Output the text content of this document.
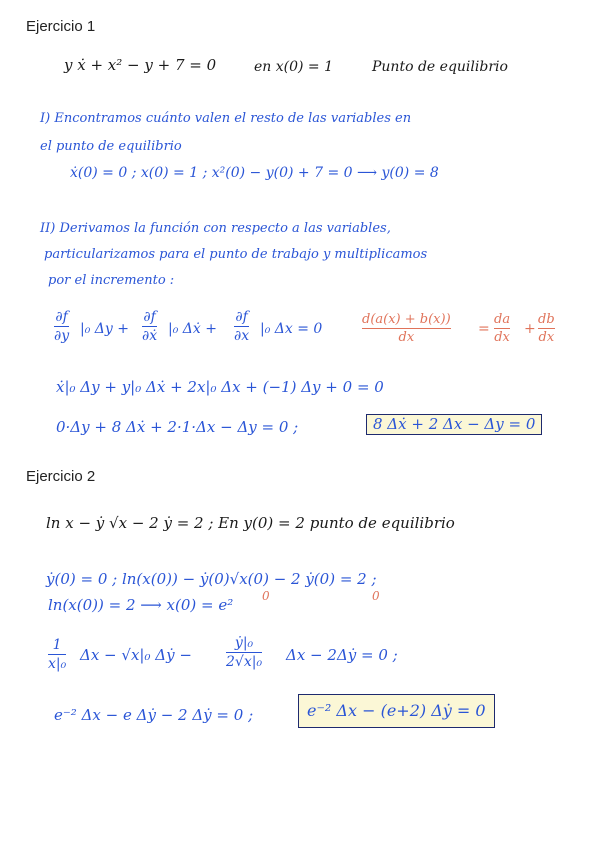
Ejercicio 1
y ẋ + x² − y + 7 = 0	en x(0) = 1	Punto de equilibrio
I) Encontramos cuánto valen el resto de las variables en
el punto de equilibrio
ẋ(0) = 0 ; x(0) = 1 ; x²(0) − y(0) + 7 = 0 ⟶ y(0) = 8
II) Derivamos la función con respecto a las variables,
particularizamos para el punto de trabajo y multiplicamos
por el incremento :
$\frac{\partial f}{\partial y} |_0$ $\Delta y + \frac{\partial f}{\text{∂ẋ}} |_0$ Δẋ + $\frac{\partial f}{\partial x} |_0$ Δx = 0	$\frac{d(a(x) + b(x))}{dx} = \frac{da}{dx} + \frac{db}{dx}$
ẋ|₀ Δy + y|₀ Δẋ + 2x|₀ Δx + (−1) Δy + 0 = 0
0·Δy + 8 Δẋ + 2·1·Δx − Δy = 0 ;	8 Δẋ + 2 Δx − Δy = 0
Ejercicio 2
ln x − ẏ √x − 2 ẏ = 2 ; En y(0) = 2 punto de equilibrio
ẏ(0) = 0 ; ln(x(0)) − ẏ(0)√x(0) − 2 ẏ(0) = 2 ;
0	0
ln(x(0)) = 2 ⟶ x(0) = e²
$\frac{1}{\text{x|₀}}$ Δx − √x|₀ Δẏ − $\frac{\text{ẏ|₀}}{\text{2√x|₀}}$ Δx − 2Δẏ = 0 ;
e⁻² Δx − e Δẏ − 2 Δẏ = 0 ;	e⁻² Δx − (e+2) Δẏ = 0
